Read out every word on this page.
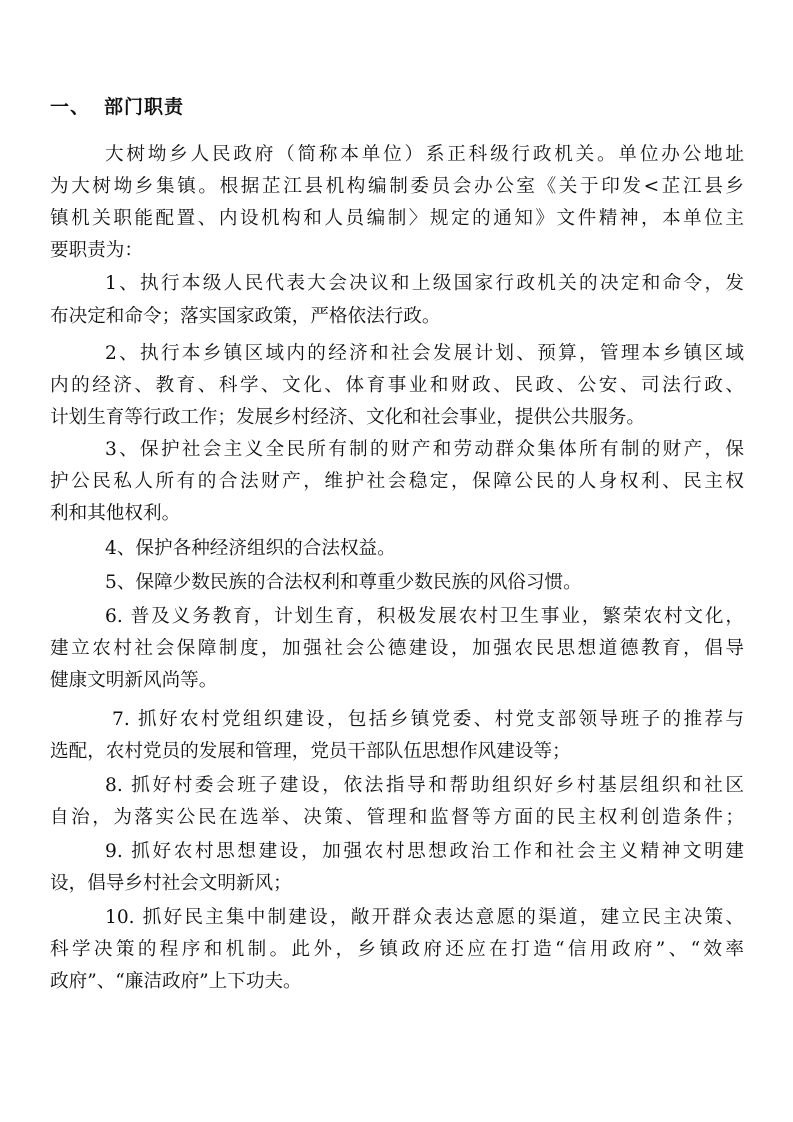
一、 部门职责
大树坳乡人民政府（简称本单位）系正科级行政机关。单位办公地址
为大树坳乡集镇。根据芷江县机构编制委员会办公室《关于印发<芷江县乡
镇机关职能配置、内设机构和人员编制〉规定的通知》文件精神，本单位主
要职责为：
1、执行本级人民代表大会决议和上级国家行政机关的决定和命令，发
布决定和命令；落实国家政策，严格依法行政。
2、执行本乡镇区域内的经济和社会发展计划、预算，管理本乡镇区域
内的经济、教育、科学、文化、体育事业和财政、民政、公安、司法行政、
计划生育等行政工作；发展乡村经济、文化和社会事业，提供公共服务。
3、保护社会主义全民所有制的财产和劳动群众集体所有制的财产，保
护公民私人所有的合法财产，维护社会稳定，保障公民的人身权利、民主权
利和其他权利。
4、保护各种经济组织的合法权益。
5、保障少数民族的合法权利和尊重少数民族的风俗习惯。
6. 普及义务教育，计划生育，积极发展农村卫生事业，繁荣农村文化，
建立农村社会保障制度，加强社会公德建设，加强农民思想道德教育，倡导
健康文明新风尚等。
7. 抓好农村党组织建设，包括乡镇党委、村党支部领导班子的推荐与
选配，农村党员的发展和管理，党员干部队伍思想作风建设等；
8. 抓好村委会班子建设，依法指导和帮助组织好乡村基层组织和社区
自治，为落实公民在选举、决策、管理和监督等方面的民主权利创造条件；
9. 抓好农村思想建设，加强农村思想政治工作和社会主义精神文明建
设，倡导乡村社会文明新风；
10. 抓好民主集中制建设，敞开群众表达意愿的渠道，建立民主决策、
科学决策的程序和机制。此外，乡镇政府还应在打造“信用政府”、“效率
政府”、“廉洁政府”上下功夫。
